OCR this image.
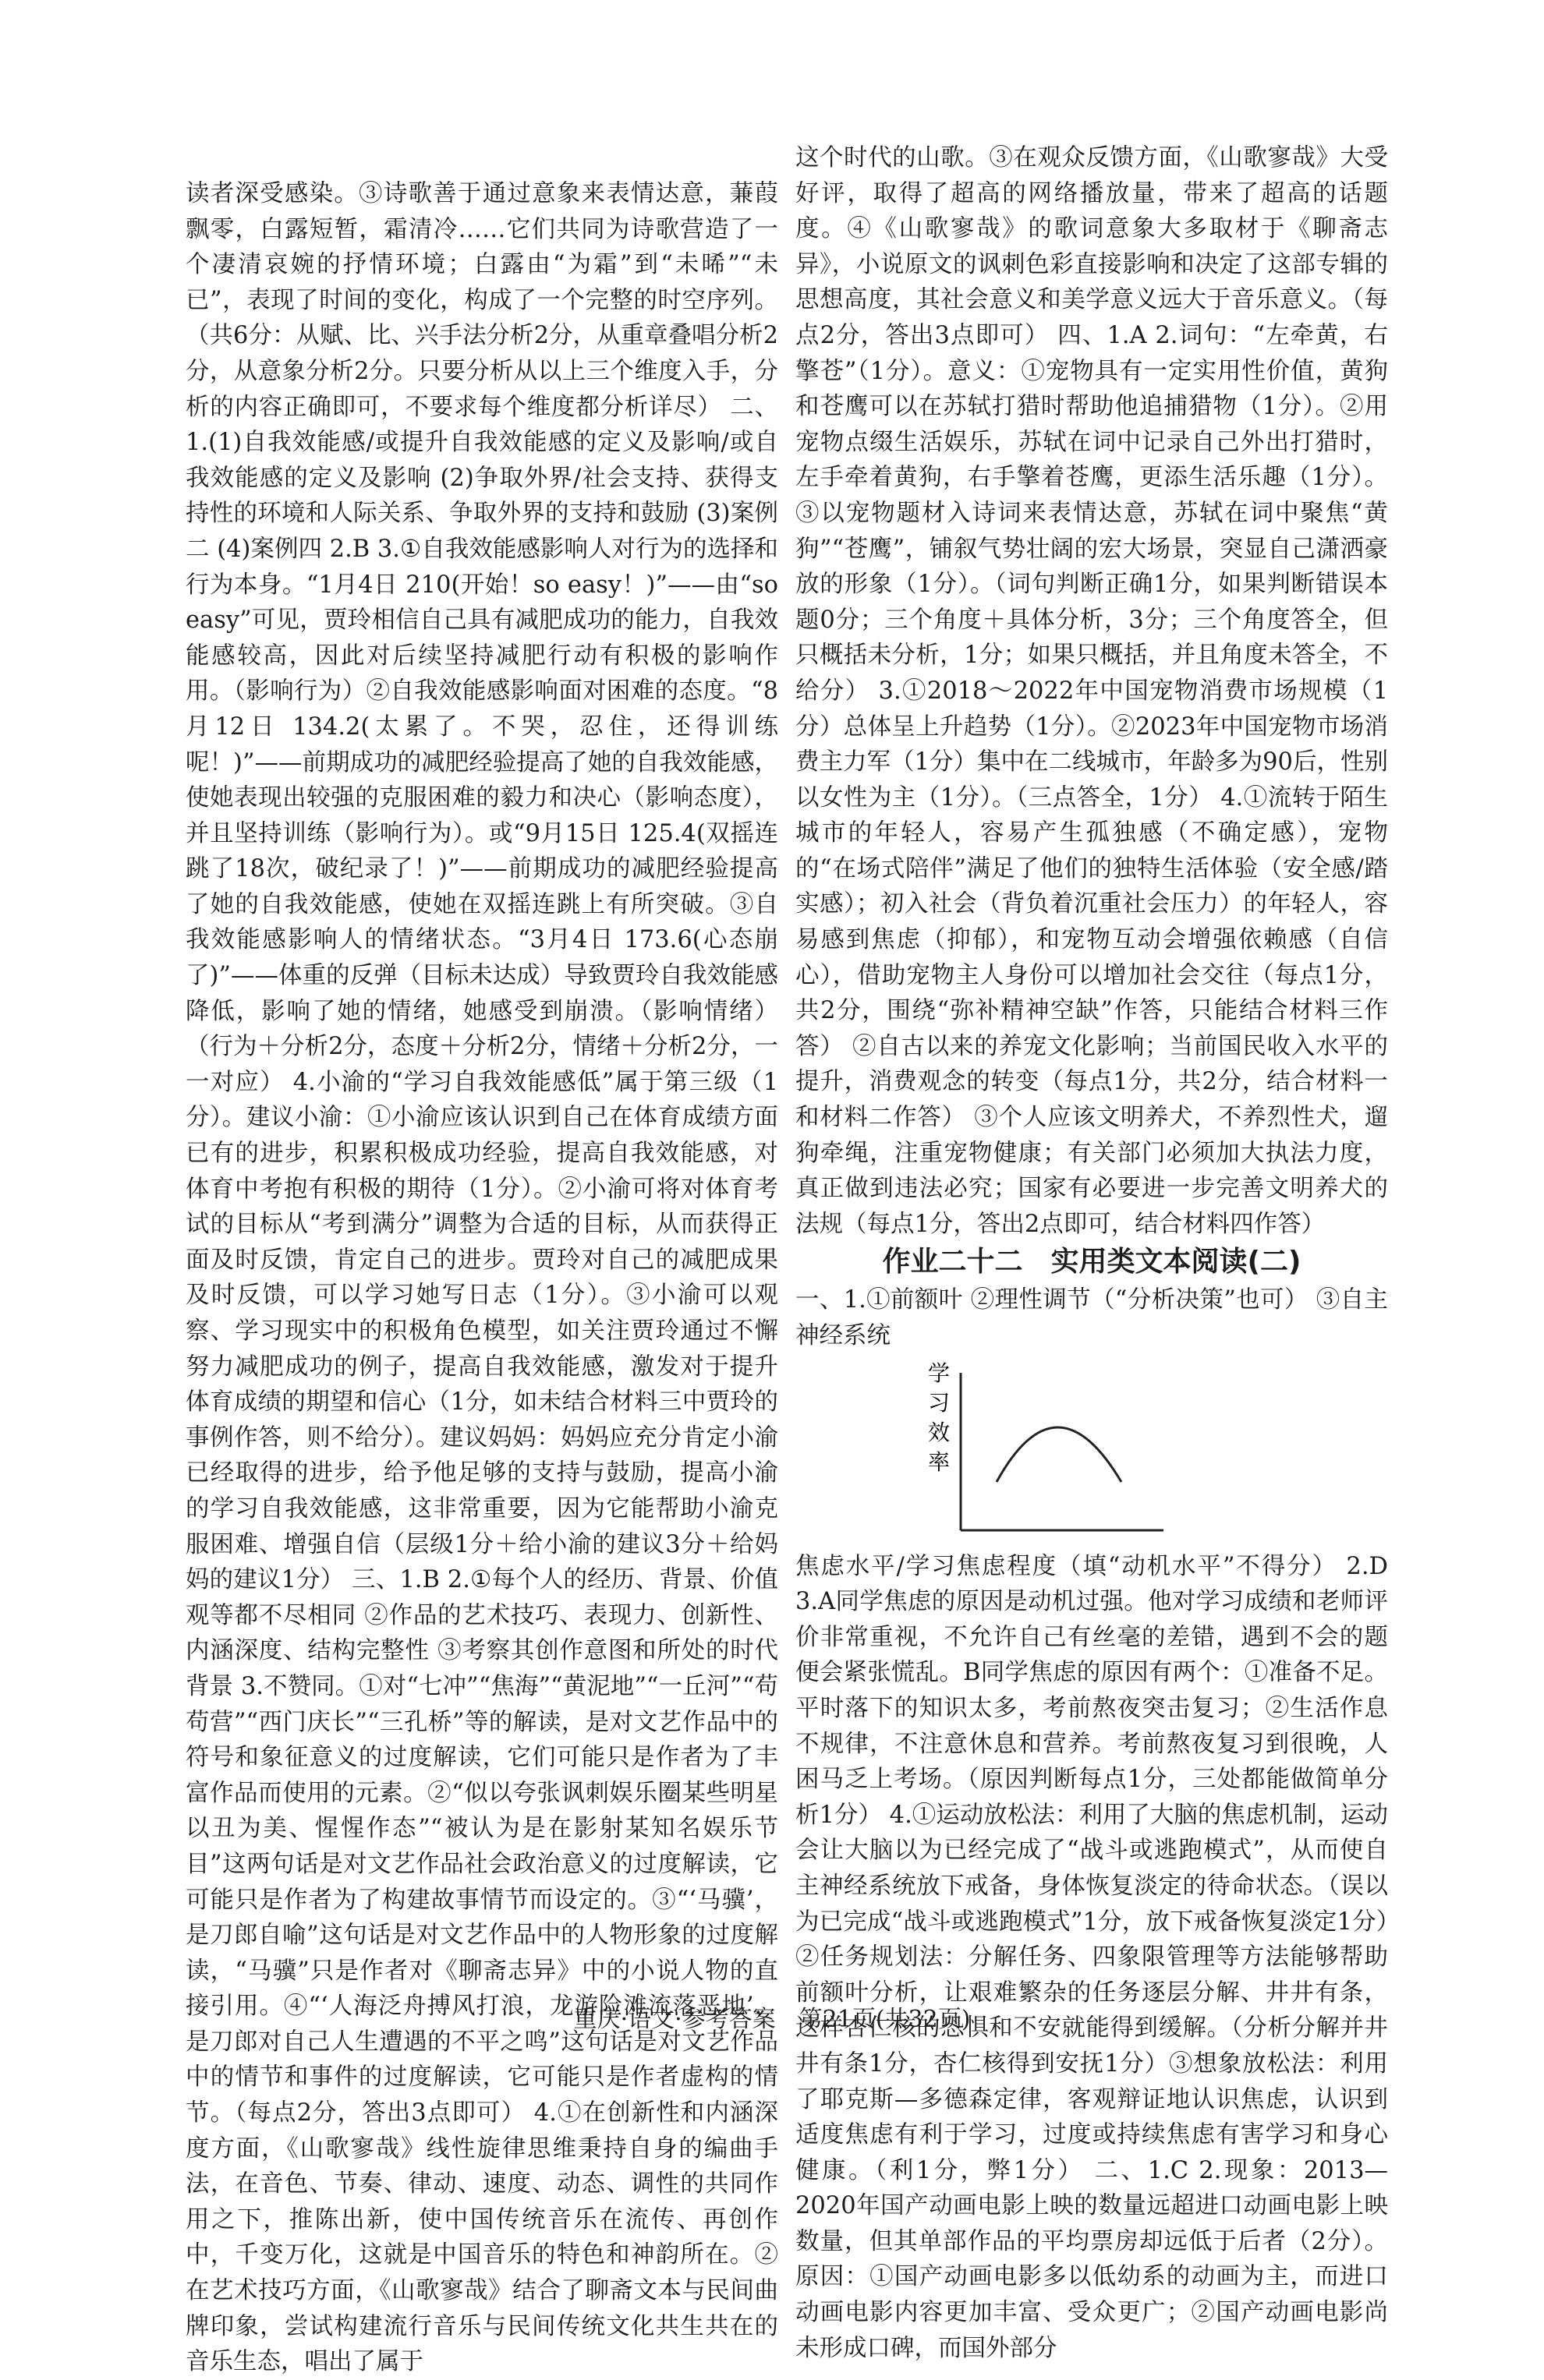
读者深受感染。③诗歌善于通过意象来表情达意，蒹葭飘零，白露短暂，霜清冷……它们共同为诗歌营造了一个凄清哀婉的抒情环境；白露由“为霜”到“未晞”“未已”，表现了时间的变化，构成了一个完整的时空序列。（共6分：从赋、比、兴手法分析2分，从重章叠唱分析2分，从意象分析2分。只要分析从以上三个维度入手，分析的内容正确即可，不要求每个维度都分析详尽） 二、1.(1)自我效能感/或提升自我效能感的定义及影响/或自我效能感的定义及影响 (2)争取外界/社会支持、获得支持性的环境和人际关系、争取外界的支持和鼓励 (3)案例二 (4)案例四 2.B 3.①自我效能感影响人对行为的选择和行为本身。“1月4日 210(开始！so easy！)”——由“so easy”可见，贾玲相信自己具有减肥成功的能力，自我效能感较高，因此对后续坚持减肥行动有积极的影响作用。（影响行为）②自我效能感影响面对困难的态度。“8月12日 134.2(太累了。不哭，忍住，还得训练呢！)”——前期成功的减肥经验提高了她的自我效能感，使她表现出较强的克服困难的毅力和决心（影响态度），并且坚持训练（影响行为）。或“9月15日 125.4(双摇连跳了18次，破纪录了！)”——前期成功的减肥经验提高了她的自我效能感，使她在双摇连跳上有所突破。③自我效能感影响人的情绪状态。“3月4日 173.6(心态崩了)”——体重的反弹（目标未达成）导致贾玲自我效能感降低，影响了她的情绪，她感受到崩溃。（影响情绪）（行为＋分析2分，态度＋分析2分，情绪＋分析2分，一一对应） 4.小渝的“学习自我效能感低”属于第三级（1分）。建议小渝：①小渝应该认识到自己在体育成绩方面已有的进步，积累积极成功经验，提高自我效能感，对体育中考抱有积极的期待（1分）。②小渝可将对体育考试的目标从“考到满分”调整为合适的目标，从而获得正面及时反馈，肯定自己的进步。贾玲对自己的减肥成果及时反馈，可以学习她写日志（1分）。③小渝可以观察、学习现实中的积极角色模型，如关注贾玲通过不懈努力减肥成功的例子，提高自我效能感，激发对于提升体育成绩的期望和信心（1分，如未结合材料三中贾玲的事例作答，则不给分）。建议妈妈：妈妈应充分肯定小渝已经取得的进步，给予他足够的支持与鼓励，提高小渝的学习自我效能感，这非常重要，因为它能帮助小渝克服困难、增强自信（层级1分＋给小渝的建议3分＋给妈妈的建议1分） 三、1.B 2.①每个人的经历、背景、价值观等都不尽相同 ②作品的艺术技巧、表现力、创新性、内涵深度、结构完整性 ③考察其创作意图和所处的时代背景 3.不赞同。①对“七冲”“焦海”“黄泥地”“一丘河”“苟苟营”“西门庆长”“三孔桥”等的解读，是对文艺作品中的符号和象征意义的过度解读，它们可能只是作者为了丰富作品而使用的元素。②“似以夸张讽刺娱乐圈某些明星以丑为美、惺惺作态”“被认为是在影射某知名娱乐节目”这两句话是对文艺作品社会政治意义的过度解读，它可能只是作者为了构建故事情节而设定的。③“‘马骥’，是刀郎自喻”这句话是对文艺作品中的人物形象的过度解读，“马骥”只是作者对《聊斋志异》中的小说人物的直接引用。④“‘人海泛舟搏风打浪，龙游险滩流落恶地’，是刀郎对自己人生遭遇的不平之鸣”这句话是对文艺作品中的情节和事件的过度解读，它可能只是作者虚构的情节。（每点2分，答出3点即可） 4.①在创新性和内涵深度方面，《山歌寥哉》线性旋律思维秉持自身的编曲手法，在音色、节奏、律动、速度、动态、调性的共同作用之下，推陈出新，使中国传统音乐在流传、再创作中，千变万化，这就是中国音乐的特色和神韵所在。②在艺术技巧方面，《山歌寥哉》结合了聊斋文本与民间曲牌印象，尝试构建流行音乐与民间传统文化共生共在的音乐生态，唱出了属于

这个时代的山歌。③在观众反馈方面，《山歌寥哉》大受好评，取得了超高的网络播放量，带来了超高的话题度。④《山歌寥哉》的歌词意象大多取材于《聊斋志异》，小说原文的讽刺色彩直接影响和决定了这部专辑的思想高度，其社会意义和美学意义远大于音乐意义。（每点2分，答出3点即可） 四、1.A 2.词句：“左牵黄，右擎苍”（1分）。意义：①宠物具有一定实用性价值，黄狗和苍鹰可以在苏轼打猎时帮助他追捕猎物（1分）。②用宠物点缀生活娱乐，苏轼在词中记录自己外出打猎时，左手牵着黄狗，右手擎着苍鹰，更添生活乐趣（1分）。③以宠物题材入诗词来表情达意，苏轼在词中聚焦“黄狗”“苍鹰”，铺叙气势壮阔的宏大场景，突显自己潇洒豪放的形象（1分）。（词句判断正确1分，如果判断错误本题0分；三个角度＋具体分析，3分；三个角度答全，但只概括未分析，1分；如果只概括，并且角度未答全，不给分） 3.①2018～2022年中国宠物消费市场规模（1分）总体呈上升趋势（1分）。②2023年中国宠物市场消费主力军（1分）集中在二线城市，年龄多为90后，性别以女性为主（1分）。（三点答全，1分） 4.①流转于陌生城市的年轻人，容易产生孤独感（不确定感），宠物的“在场式陪伴”满足了他们的独特生活体验（安全感/踏实感）；初入社会（背负着沉重社会压力）的年轻人，容易感到焦虑（抑郁），和宠物互动会增强依赖感（自信心），借助宠物主人身份可以增加社会交往（每点1分，共2分，围绕“弥补精神空缺”作答，只能结合材料三作答） ②自古以来的养宠文化影响；当前国民收入水平的提升，消费观念的转变（每点1分，共2分，结合材料一和材料二作答） ③个人应该文明养犬，不养烈性犬，遛狗牵绳，注重宠物健康；有关部门必须加大执法力度，真正做到违法必究；国家有必要进一步完善文明养犬的法规（每点1分，答出2点即可，结合材料四作答）

作业二十二　实用类文本阅读(二)

一、1.①前额叶 ②理性调节（“分析决策”也可） ③自主神经系统

学
习
效
率

焦虑水平/学习焦虑程度（填“动机水平”不得分） 2.D 3.A同学焦虑的原因是动机过强。他对学习成绩和老师评价非常重视，不允许自己有丝毫的差错，遇到不会的题便会紧张慌乱。B同学焦虑的原因有两个：①准备不足。平时落下的知识太多，考前熬夜突击复习；②生活作息不规律，不注意休息和营养。考前熬夜复习到很晚，人困马乏上考场。（原因判断每点1分，三处都能做简单分析1分） 4.①运动放松法：利用了大脑的焦虑机制，运动会让大脑以为已经完成了“战斗或逃跑模式”，从而使自主神经系统放下戒备，身体恢复淡定的待命状态。（误以为已完成“战斗或逃跑模式”1分，放下戒备恢复淡定1分）②任务规划法：分解任务、四象限管理等方法能够帮助前额叶分析，让艰难繁杂的任务逐层分解、井井有条，这样杏仁核的恐惧和不安就能得到缓解。（分析分解并井井有条1分，杏仁核得到安抚1分）③想象放松法：利用了耶克斯—多德森定律，客观辩证地认识焦虑，认识到适度焦虑有利于学习，过度或持续焦虑有害学习和身心健康。（利1分，弊1分） 二、1.C 2.现象：2013—2020年国产动画电影上映的数量远超进口动画电影上映数量，但其单部作品的平均票房却远低于后者（2分）。 原因：①国产动画电影多以低幼系的动画为主，而进口动画电影内容更加丰富、受众更广；②国产动画电影尚未形成口碑，而国外部分

重庆·语文·参考答案　第21页(共32页)
